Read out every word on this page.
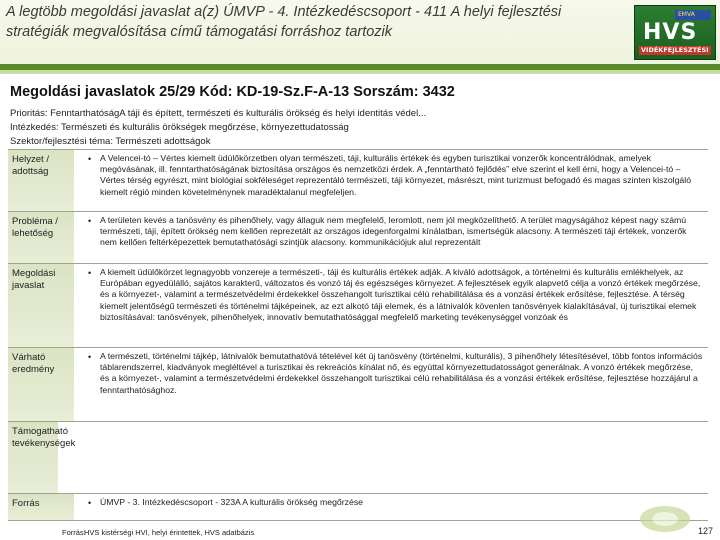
A legtöbb megoldási javaslat a(z) ÚMVP - 4. Intézkedéscsoport - 411 A helyi fejlesztési stratégiák megvalósítása című támogatási forráshoz tartozik
EMVA
HVS
VIDÉKFEJLESZTÉSI
Megoldási javaslatok 25/29 Kód: KD-19-Sz.F-A-13 Sorszám: 3432
Prioritás: FenntarthatóságA táji és épített, természeti és kulturális örökség és helyi identitás védel...
Intézkedés: Természeti és kulturális örökségek megőrzése, környezettudatosság
Szektor/fejlesztési téma: Természeti adottságok
Helyzet / adottság
• A Velencei-tó – Vértes kiemelt üdülőkörzetben olyan természeti, táji, kulturális értékek és egyben turisztikai vonzerők koncentrálódnak, amelyek megóvásának, ill. fenntarthatóságának biztosítása országos és nemzetközi érdek. A „fenntartható fejlődés” elve szerint el kell érni, hogy a Velencei-tó – Vértes térség egyrészt, mint biológiai sokféleséget reprezentáló természeti, táji környezet, másrészt, mint turizmust befogadó és magas szinten kiszolgáló kiemelt régió minden követelménynek maradéktalanul megfeleljen.
Probléma / lehetőség
• A területen kevés a tanösvény és pihenőhely, vagy állaguk nem megfelelő, leromlott, nem jól megközelíthető. A terület magyságához képest nagy számú természeti, táji, épített örökség nem kellően reprezetált az országos idegenforgalmi kínálatban, ismertségük alacsony. A természeti táji értékek, vonzerők nem kellően feltérképezettek bemutathatósági szintjük alacsony. kommunikációjuk alul reprezentált
Megoldási javaslat
• A kiemelt üdülőkörzet legnagyobb vonzereje a természeti-, táji és kulturális értékek adják. A kiváló adottságok, a történelmi és kulturális emlékhelyek, az Európában egyedülálló, sajátos karakterű, változatos és vonzó táj és egészséges környezet. A fejlesztések egyik alapvető célja a vonzó értékek megőrzése, és a környezet-, valamint a természetvédelmi érdekekkel összehangolt turisztikai célú rehabilitálása és a vonzási értékek erősítése, fejlesztése. A térség kiemelt jelentőségű természeti és történelmi tájképeinek, az ezt alkotó táji elemek, és a látnivalók kövenlen tanösvények kialakításával, új turisztikai elemek biztosításával: tanösvények, pihenőhelyek, innovatív bemutathatósággal megfelelő marketing tevékenységgel vonzóak és
Várható eredmény
• A természeti, történelmi tájkép, látnivalók bemutathatóvá tételével két új tanösvény (történelmi, kulturális), 3 pihenőhely létesítésével, több fontos információs táblarendszerrel, kiadványok megléltével a turisztikai és rekreációs kínálat nő, és egyúttal környezettudatosságot generálnak. A vonzó értékek megőrzése, és a környezet-, valamint a természetvédelmi érdekekkel összehangolt turisztikai célú rehabilitálása és a vonzási értékek erősítése, fejlesztése hozzájárul a fenntarthatósághoz.
Támogatható tevékenységek
Forrás	• ÚMVP - 3. Intézkedéscsoport - 323A A kulturális örökség megőrzése
Forrás:
HVS kistérségi HVI, helyi érintettek, HVS adatbázis	127
